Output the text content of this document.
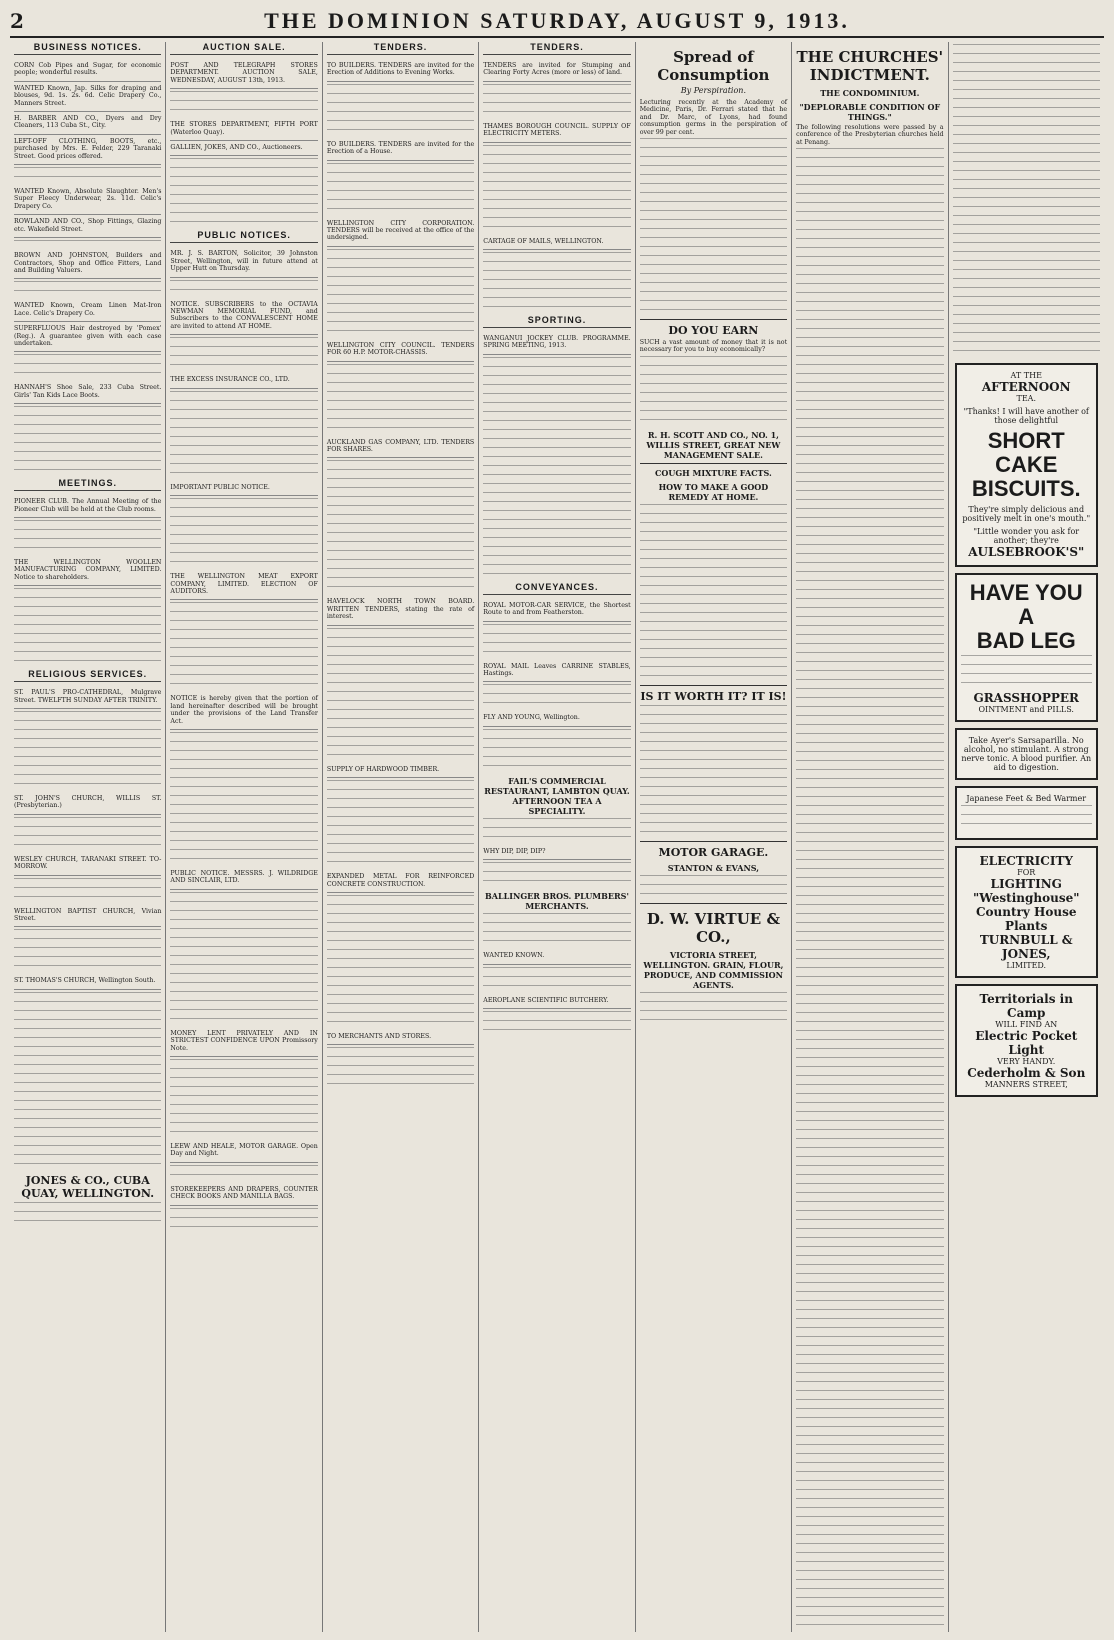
2	THE DOMINION SATURDAY, AUGUST 9, 1913.
BUSINESS NOTICES.
CORN Cob Pipes and Sugar, for economic people; wonderful results.
WANTED Known, Jap. Silks for draping and blouses, 9d. 1s. 2s. 6d. Celic Drapery Co., Manners Street.
H. BARBER AND CO., Dyers and Dry Cleaners, 113 Cuba St., City.
LEFT-OFF CLOTHING, BOOTS, etc., purchased by Mrs. E. Felder, 229 Taranaki Street. Good prices offered.
WANTED Known, Absolute Slaughter. Men's Super Fleecy Underwear, 2s. 11d. Celic's Drapery Co.
ROWLAND AND CO., Shop Fittings, Glazing etc. Wakefield Street.
BROWN AND JOHNSTON, Builders and Contractors, Shop and Office Fitters, Land and Building Valuers.
WANTED Known, Cream Linen Mat-Iron Lace. Celic's Drapery Co.
SUPERFLUOUS Hair destroyed by 'Pomex' (Reg.). A guarantee given with each case undertaken.
HANNAH'S Shoe Sale, 233 Cuba Street. Girls' Tan Kids Lace Boots.
MEETINGS.
PIONEER CLUB. The Annual Meeting of the Pioneer Club will be held at the Club rooms.
THE WELLINGTON WOOLLEN MANUFACTURING COMPANY, LIMITED. Notice to shareholders.
RELIGIOUS SERVICES.
ST. PAUL'S PRO-CATHEDRAL, Mulgrave Street. TWELFTH SUNDAY AFTER TRINITY.
ST. JOHN'S CHURCH, WILLIS ST. (Presbyterian.)
WESLEY CHURCH, TARANAKI STREET. TO-MORROW.
WELLINGTON BAPTIST CHURCH, Vivian Street.
ST. THOMAS'S CHURCH, Wellington South.
JONES & CO., CUBA QUAY, WELLINGTON.
AUCTION SALE.
POST AND TELEGRAPH STORES DEPARTMENT. AUCTION SALE, WEDNESDAY, AUGUST 13th, 1913.
THE STORES DEPARTMENT, FIFTH PORT (Waterloo Quay).
GALLIEN, JOKES, AND CO., Auctioneers.
PUBLIC NOTICES.
MR. J. S. BARTON, Solicitor, 39 Johnston Street, Wellington, will in future attend at Upper Hutt on Thursday.
NOTICE. SUBSCRIBERS to the OCTAVIA NEWMAN MEMORIAL FUND, and Subscribers to the CONVALESCENT HOME are invited to attend AT HOME.
THE EXCESS INSURANCE CO., LTD.
IMPORTANT PUBLIC NOTICE.
THE WELLINGTON MEAT EXPORT COMPANY, LIMITED. ELECTION OF AUDITORS.
NOTICE is hereby given that the portion of land hereinafter described will be brought under the provisions of the Land Transfer Act.
PUBLIC NOTICE. MESSRS. J. WILDRIDGE AND SINCLAIR, LTD.
MONEY LENT PRIVATELY AND IN STRICTEST CONFIDENCE UPON Promissory Note.
LEEW AND HEALE, MOTOR GARAGE. Open Day and Night.
STOREKEEPERS AND DRAPERS, COUNTER CHECK BOOKS AND MANILLA BAGS.
TENDERS.
TO BUILDERS. TENDERS are invited for the Erection of Additions to Evening Works.
TO BUILDERS. TENDERS are invited for the Erection of a House.
WELLINGTON CITY CORPORATION. TENDERS will be received at the office of the undersigned.
WELLINGTON CITY COUNCIL. TENDERS FOR 60 H.P. MOTOR-CHASSIS.
AUCKLAND GAS COMPANY, LTD. TENDERS FOR SHARES.
HAVELOCK NORTH TOWN BOARD. WRITTEN TENDERS, stating the rate of interest.
SUPPLY OF HARDWOOD TIMBER.
EXPANDED METAL FOR REINFORCED CONCRETE CONSTRUCTION.
TO MERCHANTS AND STORES.
TENDERS.
TENDERS are invited for Stumping and Clearing Forty Acres (more or less) of land.
THAMES BOROUGH COUNCIL. SUPPLY OF ELECTRICITY METERS.
CARTAGE OF MAILS, WELLINGTON.
SPORTING.
WANGANUI JOCKEY CLUB. PROGRAMME. SPRING MEETING, 1913.
CONVEYANCES.
ROYAL MOTOR-CAR SERVICE, the Shortest Route to and from Featherston.
ROYAL MAIL Leaves CARRINE STABLES, Hastings.
FLY AND YOUNG, Wellington.
FAIL'S COMMERCIAL RESTAURANT, LAMBTON QUAY. AFTERNOON TEA A SPECIALITY.
WHY DIP, DIP, DIP?
BALLINGER BROS. PLUMBERS' MERCHANTS.
WANTED KNOWN.
AEROPLANE SCIENTIFIC BUTCHERY.
Spread of Consumption
By Perspiration.
Lecturing recently at the Academy of Medicine, Paris, Dr. Ferrari stated that he and Dr. Marc, of Lyons, had found consumption germs in the perspiration of over 99 per cent.
DO YOU EARN
SUCH a vast amount of money that it is not necessary for you to buy economically?
R. H. SCOTT AND CO., NO. 1, WILLIS STREET, GREAT NEW MANAGEMENT SALE.
COUGH MIXTURE FACTS.
HOW TO MAKE A GOOD REMEDY AT HOME.
IS IT WORTH IT? IT IS!
MOTOR GARAGE.
STANTON & EVANS,
D. W. VIRTUE & CO.,
VICTORIA STREET, WELLINGTON. GRAIN, FLOUR, PRODUCE, AND COMMISSION AGENTS.
THE CHURCHES' INDICTMENT.
THE CONDOMINIUM.
"DEPLORABLE CONDITION OF THINGS."
The following resolutions were passed by a conference of the Presbyterian churches held at Penang.
AT THE
AFTERNOON
TEA.
"Thanks! I will have another of those delightful
SHORT
CAKE
BISCUITS.
They're simply delicious and positively melt in one's mouth."
"Little wonder you ask for another; they're
AULSEBROOK'S"
HAVE YOU A
BAD LEG
GRASSHOPPER
OINTMENT and PILLS.
Take Ayer's Sarsaparilla. No alcohol, no stimulant. A strong nerve tonic. A blood purifier. An aid to digestion.
Japanese Feet & Bed Warmer
ELECTRICITY
FOR
LIGHTING
"Westinghouse"
Country House Plants
TURNBULL & JONES,
LIMITED.
Territorials in Camp
WILL FIND AN
Electric Pocket Light
VERY HANDY.
Cederholm & Son
MANNERS STREET,
